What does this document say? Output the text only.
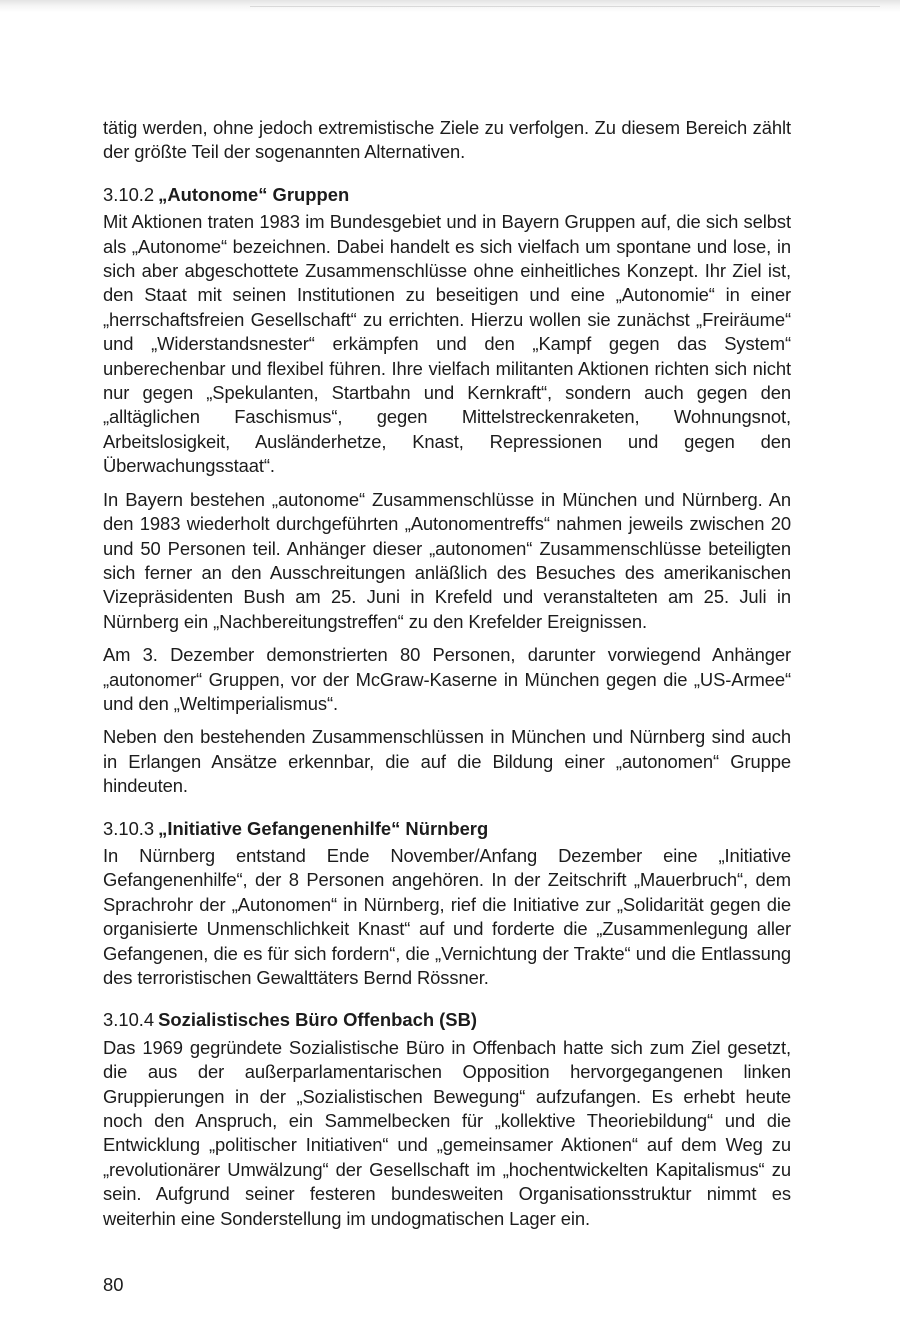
tätig werden, ohne jedoch extremistische Ziele zu verfolgen. Zu diesem Bereich zählt der größte Teil der sogenannten Alternativen.

3.10.2 „Autonome“ Gruppen

Mit Aktionen traten 1983 im Bundesgebiet und in Bayern Gruppen auf, die sich selbst als „Autonome“ bezeichnen. Dabei handelt es sich vielfach um spontane und lose, in sich aber abgeschottete Zusammenschlüsse ohne einheitliches Konzept. Ihr Ziel ist, den Staat mit seinen Institutionen zu beseitigen und eine „Autonomie“ in einer „herrschaftsfreien Gesellschaft“ zu errichten. Hierzu wollen sie zunächst „Freiräume“ und „Widerstandsnester“ erkämpfen und den „Kampf gegen das System“ unberechenbar und flexibel führen. Ihre vielfach militanten Aktionen richten sich nicht nur gegen „Spekulanten, Startbahn und Kernkraft“, sondern auch gegen den „alltäglichen Faschismus“, gegen Mittelstreckenraketen, Wohnungsnot, Arbeitslosigkeit, Ausländerhetze, Knast, Repressionen und gegen den Überwachungsstaat“.

In Bayern bestehen „autonome“ Zusammenschlüsse in München und Nürnberg. An den 1983 wiederholt durchgeführten „Autonomentreffs“ nahmen jeweils zwischen 20 und 50 Personen teil. Anhänger dieser „autonomen“ Zusammenschlüsse beteiligten sich ferner an den Ausschreitungen anläßlich des Besuches des amerikanischen Vizepräsidenten Bush am 25. Juni in Krefeld und veranstalteten am 25. Juli in Nürnberg ein „Nachbereitungstreffen“ zu den Krefelder Ereignissen.

Am 3. Dezember demonstrierten 80 Personen, darunter vorwiegend Anhänger „autonomer“ Gruppen, vor der McGraw-Kaserne in München gegen die „US-Armee“ und den „Weltimperialismus“.

Neben den bestehenden Zusammenschlüssen in München und Nürnberg sind auch in Erlangen Ansätze erkennbar, die auf die Bildung einer „autonomen“ Gruppe hindeuten.

3.10.3 „Initiative Gefangenenhilfe“ Nürnberg

In Nürnberg entstand Ende November/Anfang Dezember eine „Initiative Gefangenenhilfe“, der 8 Personen angehören. In der Zeitschrift „Mauerbruch“, dem Sprachrohr der „Autonomen“ in Nürnberg, rief die Initiative zur „Solidarität gegen die organisierte Unmenschlichkeit Knast“ auf und forderte die „Zusammenlegung aller Gefangenen, die es für sich fordern“, die „Vernichtung der Trakte“ und die Entlassung des terroristischen Gewalttäters Bernd Rössner.

3.10.4 Sozialistisches Büro Offenbach (SB)

Das 1969 gegründete Sozialistische Büro in Offenbach hatte sich zum Ziel gesetzt, die aus der außerparlamentarischen Opposition hervorgegangenen linken Gruppierungen in der „Sozialistischen Bewegung“ aufzufangen. Es erhebt heute noch den Anspruch, ein Sammelbecken für „kollektive Theoriebildung“ und die Entwicklung „politischer Initiativen“ und „gemeinsamer Aktionen“ auf dem Weg zu „revolutionärer Umwälzung“ der Gesellschaft im „hochentwickelten Kapitalismus“ zu sein. Aufgrund seiner festeren bundesweiten Organisationsstruktur nimmt es weiterhin eine Sonderstellung im undogmatischen Lager ein.

80
